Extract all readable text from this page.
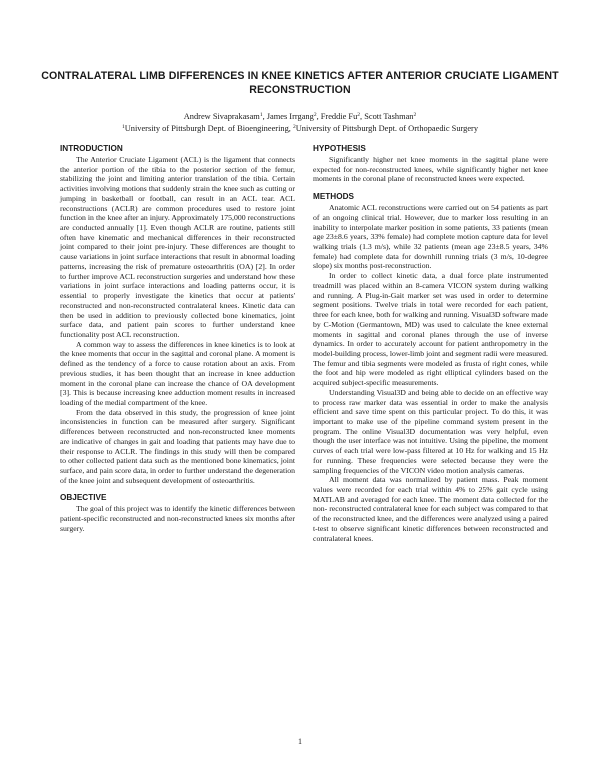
CONTRALATERAL LIMB DIFFERENCES IN KNEE KINETICS AFTER ANTERIOR CRUCIATE LIGAMENT RECONSTRUCTION
Andrew Sivaprakasam$^1$, James Irrgang$^2$, Freddie Fu$^2$, Scott Tashman$^2$
$^1$University of Pittsburgh Dept. of Bioengineering, $^2$University of Pittsburgh Dept. of Orthopaedic Surgery
INTRODUCTION

The Anterior Cruciate Ligament (ACL) is the ligament that connects the anterior portion of the tibia to the posterior section of the femur, stabilizing the joint and limiting anterior translation of the tibia. Certain activities involving motions that suddenly strain the knee such as cutting or jumping in basketball or football, can result in an ACL tear. ACL reconstructions (ACLR) are common procedures used to restore joint function in the knee after an injury. Approximately 175,000 reconstructions are conducted annually [1]. Even though ACLR are routine, patients still often have kinematic and mechanical differences in their reconstructed joint compared to their joint pre-injury. These differences are thought to cause variations in joint surface interactions that result in abnormal loading patterns, increasing the risk of premature osteoarthritis (OA) [2]. In order to further improve ACL reconstruction surgeries and understand how these variations in joint surface interactions and loading patterns occur, it is essential to properly investigate the kinetics that occur at patients' reconstructed and non-reconstructed contralateral knees. Kinetic data can then be used in addition to previously collected bone kinematics, joint surface data, and patient pain scores to further understand knee functionality post ACL reconstruction.

A common way to assess the differences in knee kinetics is to look at the knee moments that occur in the sagittal and coronal plane. A moment is defined as the tendency of a force to cause rotation about an axis. From previous studies, it has been thought that an increase in knee adduction moment in the coronal plane can increase the chance of OA development [3]. This is because increasing knee adduction moment results in increased loading of the medial compartment of the knee.

From the data observed in this study, the progression of knee joint inconsistencies in function can be measured after surgery. Significant differences between reconstructed and non-reconstructed knee moments are indicative of changes in gait and loading that patients may have due to their response to ACLR. The findings in this study will then be compared to other collected patient data such as the mentioned bone kinematics, joint surface, and pain score data, in order to further understand the degeneration of the knee joint and subsequent development of osteoarthritis.

OBJECTIVE

The goal of this project was to identify the kinetic differences between patient-specific reconstructed and non-reconstructed knees six months after surgery.

HYPOTHESIS

Significantly higher net knee moments in the sagittal plane were expected for non-reconstructed knees, while significantly higher net knee moments in the coronal plane of reconstructed knees were expected.

METHODS

Anatomic ACL reconstructions were carried out on 54 patients as part of an ongoing clinical trial. However, due to marker loss resulting in an inability to interpolate marker position in some patients, 33 patients (mean age 23±8.6 years, 33% female) had complete motion capture data for level walking trials (1.3 m/s), while 32 patients (mean age 23±8.5 years, 34% female) had complete data for downhill running trials (3 m/s, 10-degree slope) six months post-reconstruction.

In order to collect kinetic data, a dual force plate instrumented treadmill was placed within an 8-camera VICON system during walking and running. A Plug-in-Gait marker set was used in order to determine segment positions. Twelve trials in total were recorded for each patient, three for each knee, both for walking and running. Visual3D software made by C-Motion (Germantown, MD) was used to calculate the knee external moments in sagittal and coronal planes through the use of inverse dynamics. In order to accurately account for patient anthropometry in the model-building process, lower-limb joint and segment radii were measured. The femur and tibia segments were modeled as frusta of right cones, while the foot and hip were modeled as right elliptical cylinders based on the acquired subject-specific measurements.

Understanding Visual3D and being able to decide on an effective way to process raw marker data was essential in order to make the analysis efficient and save time spent on this particular project. To do this, it was important to make use of the pipeline command system present in the program. The online Visual3D documentation was very helpful, even though the user interface was not intuitive. Using the pipeline, the moment curves of each trial were low-pass filtered at 10 Hz for walking and 15 Hz for running. These frequencies were selected because they were the sampling frequencies of the VICON video motion analysis cameras.

All moment data was normalized by patient mass. Peak moment values were recorded for each trial within 4% to 25% gait cycle using MATLAB and averaged for each knee. The moment data collected for the non- reconstructed contralateral knee for each subject was compared to that of the reconstructed knee, and the differences were analyzed using a paired t-test to observe significant kinetic differences between reconstructed and contralateral knees.

1
